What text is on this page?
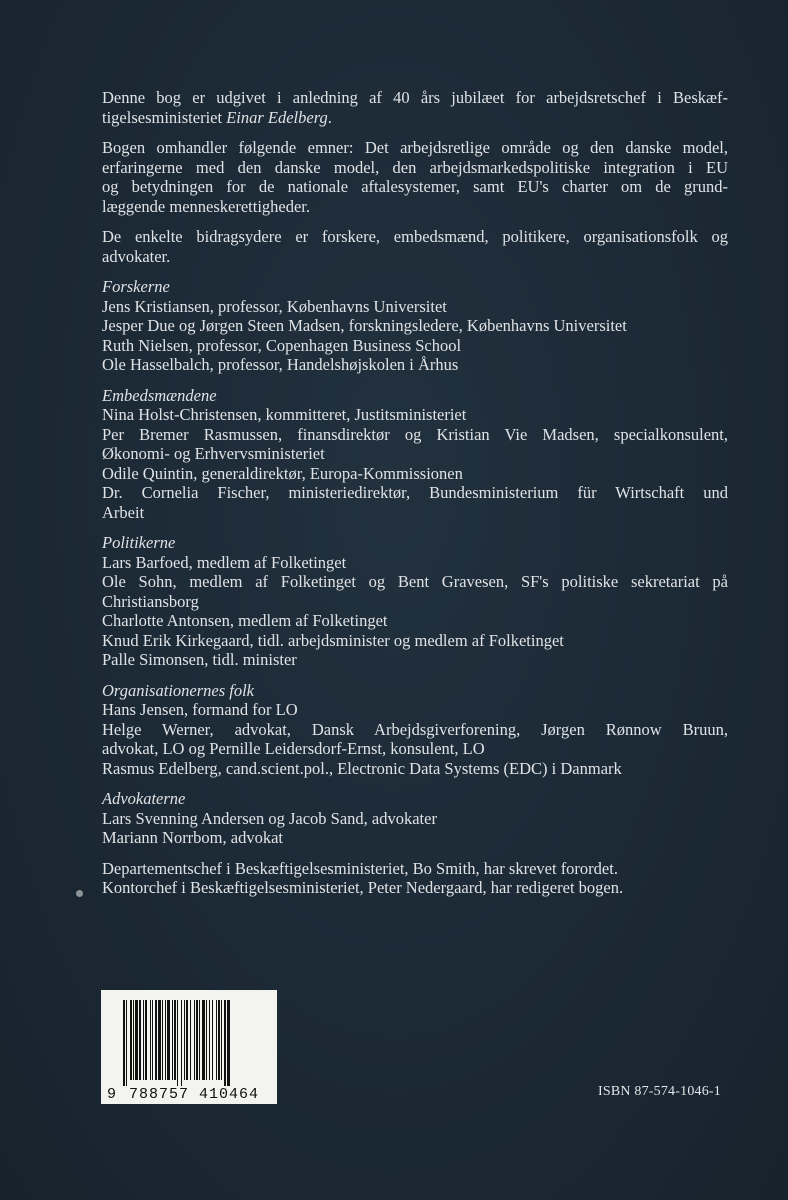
Denne bog er udgivet i anledning af 40 års jubilæet for arbejdsretschef i Beskæf-
tigelsesministeriet Einar Edelberg.

Bogen omhandler følgende emner: Det arbejdsretlige område og den danske model,
erfaringerne med den danske model, den arbejdsmarkedspolitiske integration i EU
og betydningen for de nationale aftalesystemer, samt EU's charter om de grund-
læggende menneskerettigheder.

De enkelte bidragsydere er forskere, embedsmænd, politikere, organisationsfolk og
advokater.

Forskerne
Jens Kristiansen, professor, Københavns Universitet
Jesper Due og Jørgen Steen Madsen, forskningsledere, Københavns Universitet
Ruth Nielsen, professor, Copenhagen Business School
Ole Hasselbalch, professor, Handelshøjskolen i Århus
Embedsmændene
Nina Holst-Christensen, kommitteret, Justitsministeriet
Per Bremer Rasmussen, finansdirektør og Kristian Vie Madsen, specialkonsulent,
Økonomi- og Erhvervsministeriet
Odile Quintin, generaldirektør, Europa-Kommissionen
Dr. Cornelia Fischer, ministeriedirektør, Bundesministerium für Wirtschaft und
Arbeit
Politikerne
Lars Barfoed, medlem af Folketinget
Ole Sohn, medlem af Folketinget og Bent Gravesen, SF's politiske sekretariat på
Christiansborg
Charlotte Antonsen, medlem af Folketinget
Knud Erik Kirkegaard, tidl. arbejdsminister og medlem af Folketinget
Palle Simonsen, tidl. minister
Organisationernes folk
Hans Jensen, formand for LO
Helge Werner, advokat, Dansk Arbejdsgiverforening, Jørgen Rønnow Bruun,
advokat, LO og Pernille Leidersdorf-Ernst, konsulent, LO
Rasmus Edelberg, cand.scient.pol., Electronic Data Systems (EDC) i Danmark
Advokaterne
Lars Svenning Andersen og Jacob Sand, advokater
Mariann Norrbom, advokat

Departementschef i Beskæftigelsesministeriet, Bo Smith, har skrevet forordet.
Kontorchef i Beskæftigelsesministeriet, Peter Nedergaard, har redigeret bogen.

9 788757 410464	ISBN 87-574-1046-1
